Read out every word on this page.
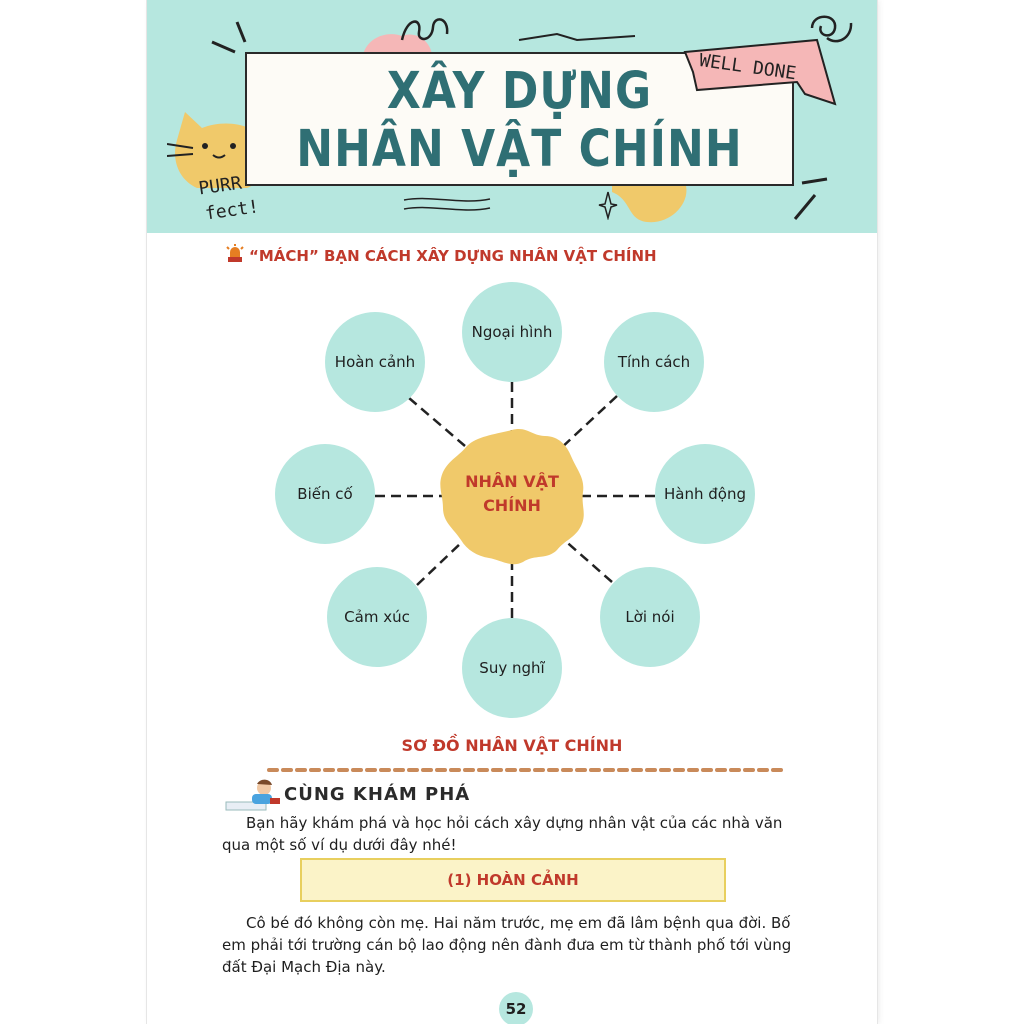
PURR
fect!
XÂY DỰNG
NHÂN VẬT CHÍNH
WELL DONE
“MÁCH” BẠN CÁCH XÂY DỰNG NHÂN VẬT CHÍNH
Ngoại hình
Tính cách
Hành động
Lời nói
Suy nghĩ
Cảm xúc
Biến cố
Hoàn cảnh
NHÂN VẬT
CHÍNH
SƠ ĐỒ NHÂN VẬT CHÍNH
CÙNG KHÁM PHÁ
Bạn hãy khám phá và học hỏi cách xây dựng nhân vật của các nhà văn qua một số ví dụ dưới đây nhé!
(1) HOÀN CẢNH
Cô bé đó không còn mẹ. Hai năm trước, mẹ em đã lâm bệnh qua đời. Bố em phải tới trường cán bộ lao động nên đành đưa em từ thành phố tới vùng đất Đại Mạch Địa này.
52
